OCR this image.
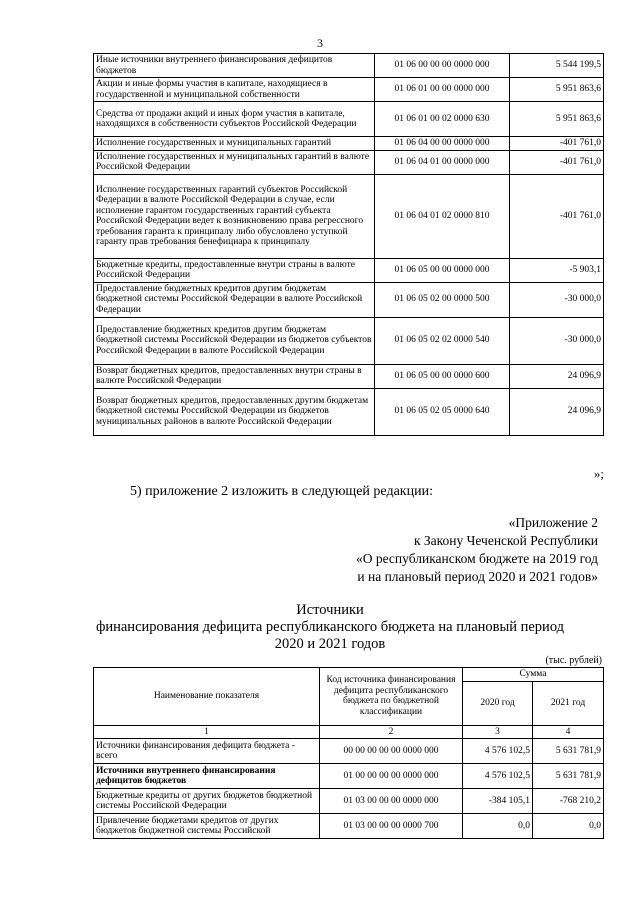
3
Иные источники внутреннего финансирования дефицитов бюджетов	01 06 00 00 00 0000 000	5 544 199,5
Акции и иные формы участия в капитале, находящиеся в государственной и муниципальной собственности	01 06 01 00 00 0000 000	5 951 863,6
Средства от продажи акций и иных форм участия в капитале, находящихся в собственности субъектов Российской Федерации	01 06 01 00 02 0000 630	5 951 863,6
Исполнение государственных и муниципальных гарантий	01 06 04 00 00 0000 000	-401 761,0
Исполнение государственных и муниципальных гарантий в валюте Российской Федерации	01 06 04 01 00 0000 000	-401 761,0
Исполнение государственных гарантий субъектов Российской Федерации в валюте Российской Федерации в случае, если исполнение гарантом государственных гарантий субъекта Российской Федерации ведет к возникновению права регрессного требования гаранта к принципалу либо обусловлено уступкой гаранту прав требования бенефициара к принципалу	01 06 04 01 02 0000 810	-401 761,0
Бюджетные кредиты, предоставленные внутри страны в валюте Российской Федерации	01 06 05 00 00 0000 000	-5 903,1
Предоставление бюджетных кредитов другим бюджетам бюджетной системы Российской Федерации в валюте Российской Федерации	01 06 05 02 00 0000 500	-30 000,0
Предоставление бюджетных кредитов другим бюджетам бюджетной системы Российской Федерации из бюджетов субъектов Российской Федерации в валюте Российской Федерации	01 06 05 02 02 0000 540	-30 000,0
Возврат бюджетных кредитов, предоставленных внутри страны в валюте Российской Федерации	01 06 05 00 00 0000 600	24 096,9
Возврат бюджетных кредитов, предоставленных другим бюджетам бюджетной системы Российской Федерации из бюджетов муниципальных районов в валюте Российской Федерации	01 06 05 02 05 0000 640	24 096,9
»;
5) приложение 2 изложить в следующей редакции:
«Приложение 2
к Закону Чеченской Республики
«О республиканском бюджете на 2019 год
и на плановый период 2020 и 2021 годов»
Источники
финансирования дефицита республиканского бюджета на плановый период
2020 и 2021 годов
(тыс. рублей)
Наименование показателя	Код источника финансирования дефицита республиканского бюджета по бюджетной классификации	Сумма	
		2020 год	2021 год
1	2	3	4
Источники финансирования дефицита бюджета - всего	00 00 00 00 00 0000 000	4 576 102,5	5 631 781,9
Источники внутреннего финансирования дефицитов бюджетов	01 00 00 00 00 0000 000	4 576 102,5	5 631 781,9
Бюджетные кредиты от других бюджетов бюджетной системы Российской Федерации	01 03 00 00 00 0000 000	-384 105,1	-768 210,2
Привлечение бюджетами кредитов от других бюджетов бюджетной системы Российской	01 03 00 00 00 0000 700	0,0	0,0
